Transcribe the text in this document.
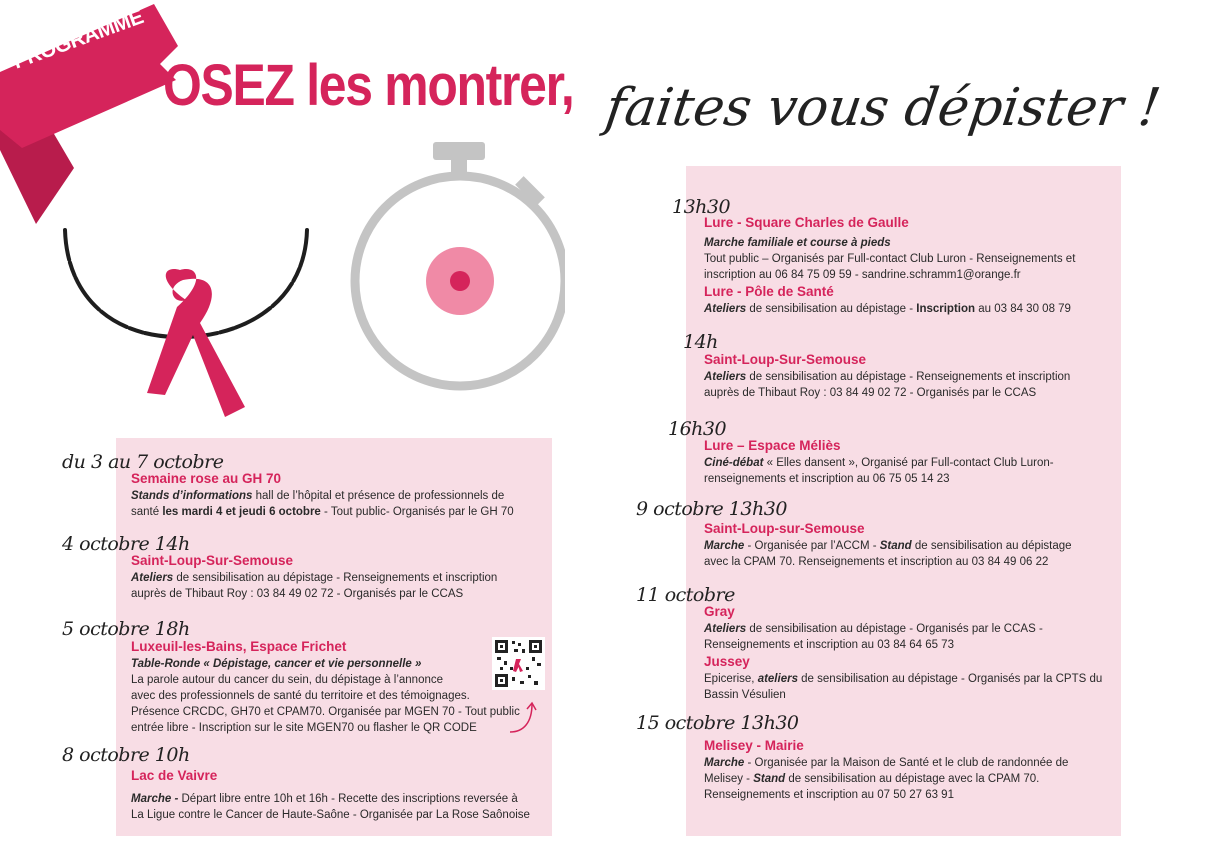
PROGRAMME
OSEZ les montrer, faites vous dépister !
du 3 au 7 octobre
Semaine rose au GH 70
Stands d’informations hall de l’hôpital et présence de professionnels de
santé les mardi 4 et jeudi 6 octobre - Tout public- Organisés par le GH 70
4 octobre 14h
Saint-Loup-Sur-Semouse
Ateliers de sensibilisation au dépistage - Renseignements et inscription
auprès de Thibaut Roy : 03 84 49 02 72 - Organisés par le CCAS
5 octobre 18h
Luxeuil-les-Bains, Espace Frichet
Table-Ronde « Dépistage, cancer et vie personnelle »
La parole autour du cancer du sein, du dépistage à l’annonce
avec des professionnels de santé du territoire et des témoignages.
Présence CRCDC, GH70 et CPAM70. Organisée par MGEN 70 - Tout public
entrée libre - Inscription sur le site MGEN70 ou flasher le QR CODE
8 octobre 10h
Lac de Vaivre
Marche - Départ libre entre 10h et 16h - Recette des inscriptions reversée à
La Ligue contre le Cancer de Haute-Saône - Organisée par La Rose Saônoise
13h30
Lure - Square Charles de Gaulle
Marche familiale et course à pieds
Tout public – Organisés par Full-contact Club Luron - Renseignements et
inscription au 06 84 75 09 59 - sandrine.schramm1@orange.fr
Lure - Pôle de Santé
Ateliers de sensibilisation au dépistage - Inscription au 03 84 30 08 79
14h
Saint-Loup-Sur-Semouse
Ateliers de sensibilisation au dépistage - Renseignements et inscription
auprès de Thibaut Roy : 03 84 49 02 72 - Organisés par le CCAS
16h30
Lure – Espace Méliès
Ciné-débat « Elles dansent », Organisé par Full-contact Club Luron-
renseignements et inscription au 06 75 05 14 23
9 octobre 13h30
Saint-Loup-sur-Semouse
Marche - Organisée par l’ACCM - Stand de sensibilisation au dépistage
avec la CPAM 70. Renseignements et inscription au 03 84 49 06 22
11 octobre
Gray
Ateliers de sensibilisation au dépistage - Organisés par le CCAS -
Renseignements et inscription au 03 84 64 65 73
Jussey
Epicerise, ateliers de sensibilisation au dépistage - Organisés par la CPTS du
Bassin Vésulien
15 octobre 13h30
Melisey - Mairie
Marche - Organisée par la Maison de Santé et le club de randonnée de
Melisey - Stand de sensibilisation au dépistage avec la CPAM 70.
Renseignements et inscription au 07 50 27 63 91
